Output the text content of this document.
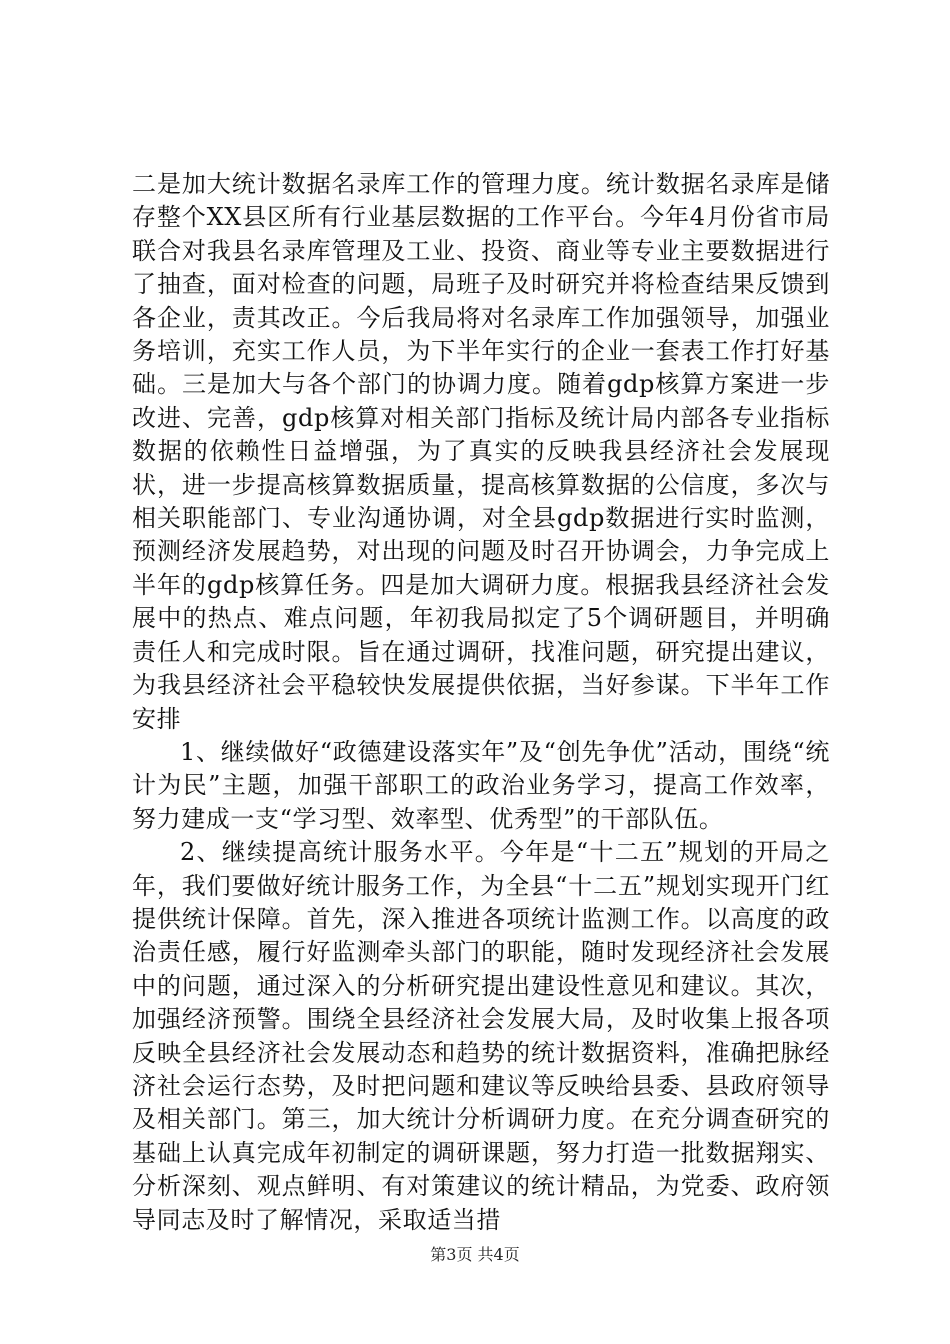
二是加大统计数据名录库工作的管理力度。统计数据名录库是储存整个XX县区所有行业基层数据的工作平台。今年4月份省市局联合对我县名录库管理及工业、投资、商业等专业主要数据进行了抽查，面对检查的问题，局班子及时研究并将检查结果反馈到各企业，责其改正。今后我局将对名录库工作加强领导，加强业务培训，充实工作人员，为下半年实行的企业一套表工作打好基础。三是加大与各个部门的协调力度。随着gdp核算方案进一步改进、完善，gdp核算对相关部门指标及统计局内部各专业指标数据的依赖性日益增强，为了真实的反映我县经济社会发展现状，进一步提高核算数据质量，提高核算数据的公信度，多次与相关职能部门、专业沟通协调，对全县gdp数据进行实时监测，预测经济发展趋势，对出现的问题及时召开协调会，力争完成上半年的gdp核算任务。四是加大调研力度。根据我县经济社会发展中的热点、难点问题，年初我局拟定了5个调研题目，并明确责任人和完成时限。旨在通过调研，找准问题，研究提出建议，为我县经济社会平稳较快发展提供依据，当好参谋。下半年工作安排

1、继续做好“政德建设落实年”及“创先争优”活动，围绕“统计为民”主题，加强干部职工的政治业务学习，提高工作效率，努力建成一支“学习型、效率型、优秀型”的干部队伍。

2、继续提高统计服务水平。今年是“十二五”规划的开局之年，我们要做好统计服务工作，为全县“十二五”规划实现开门红提供统计保障。首先，深入推进各项统计监测工作。以高度的政治责任感，履行好监测牵头部门的职能，随时发现经济社会发展中的问题，通过深入的分析研究提出建设性意见和建议。其次，加强经济预警。围绕全县经济社会发展大局，及时收集上报各项反映全县经济社会发展动态和趋势的统计数据资料，准确把脉经济社会运行态势，及时把问题和建议等反映给县委、县政府领导及相关部门。第三，加大统计分析调研力度。在充分调查研究的基础上认真完成年初制定的调研课题，努力打造一批数据翔实、分析深刻、观点鲜明、有对策建议的统计精品，为党委、政府领导同志及时了解情况，采取适当措

第3页 共4页
